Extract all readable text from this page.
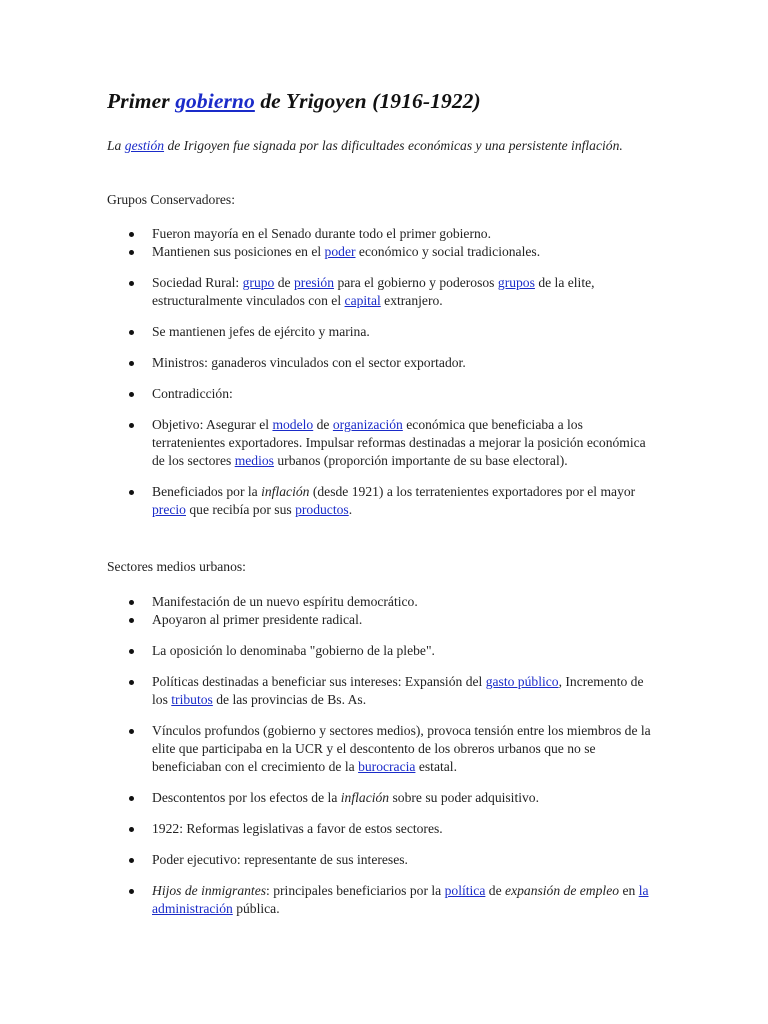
Primer gobierno de Yrigoyen (1916-1922)

La gestión de Irigoyen fue signada por las dificultades económicas y una persistente inflación.

Grupos Conservadores:

Fueron mayoría en el Senado durante todo el primer gobierno.
Mantienen sus posiciones en el poder económico y social tradicionales.
Sociedad Rural: grupo de presión para el gobierno y poderosos grupos de la elite, estructuralmente vinculados con el capital extranjero.
Se mantienen jefes de ejército y marina.
Ministros: ganaderos vinculados con el sector exportador.
Contradicción:
Objetivo: Asegurar el modelo de organización económica que beneficiaba a los terratenientes exportadores. Impulsar reformas destinadas a mejorar la posición económica de los sectores medios urbanos (proporción importante de su base electoral).
Beneficiados por la inflación (desde 1921) a los terratenientes exportadores por el mayor precio que recibía por sus productos.

Sectores medios urbanos:

Manifestación de un nuevo espíritu democrático.
Apoyaron al primer presidente radical.
La oposición lo denominaba "gobierno de la plebe".
Políticas destinadas a beneficiar sus intereses: Expansión del gasto público, Incremento de los tributos de las provincias de Bs. As.
Vínculos profundos (gobierno y sectores medios), provoca tensión entre los miembros de la elite que participaba en la UCR y el descontento de los obreros urbanos que no se beneficiaban con el crecimiento de la burocracia estatal.
Descontentos por los efectos de la inflación sobre su poder adquisitivo.
1922: Reformas legislativas a favor de estos sectores.
Poder ejecutivo: representante de sus intereses.
Hijos de inmigrantes: principales beneficiarios por la política de expansión de empleo en la administración pública.
